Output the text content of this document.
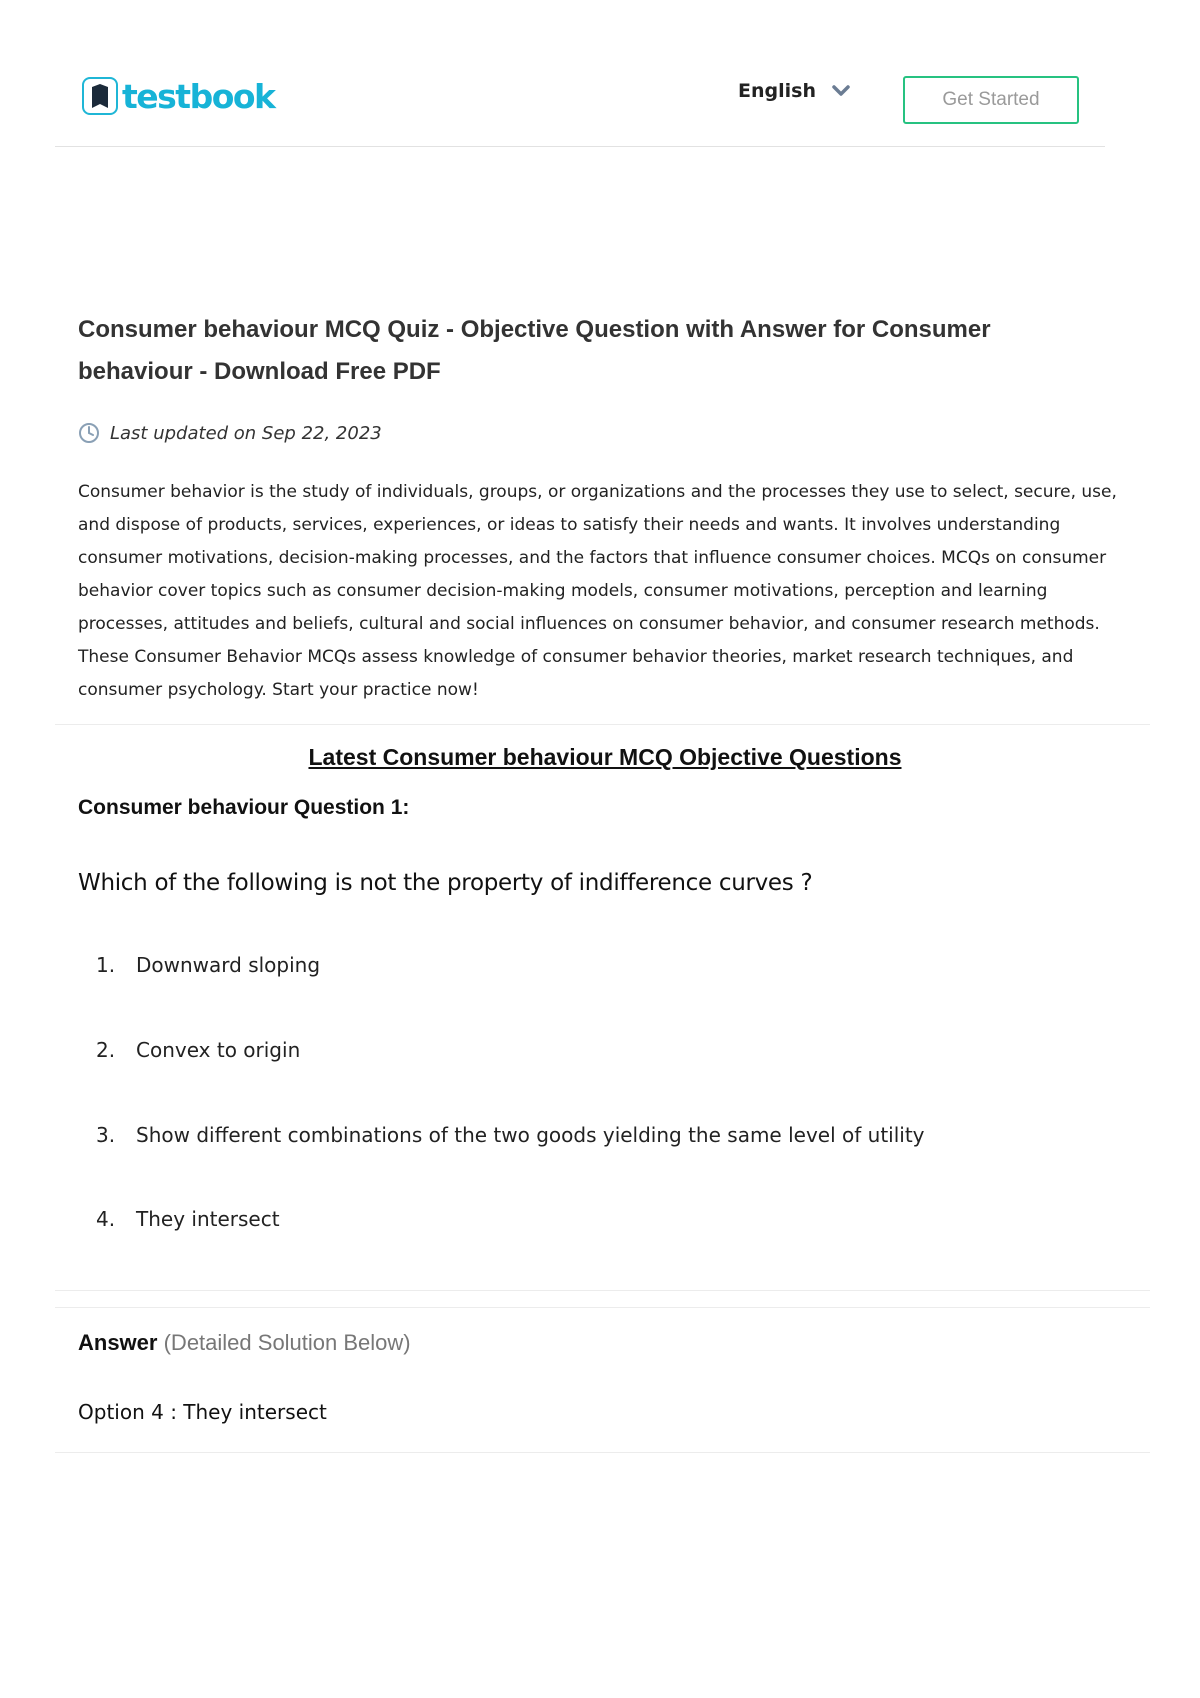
testbook	English	Get Started
Consumer behaviour MCQ Quiz - Objective Question with Answer for Consumer behaviour - Download Free PDF
Last updated on Sep 22, 2023

Consumer behavior is the study of individuals, groups, or organizations and the processes they use to select, secure, use, and dispose of products, services, experiences, or ideas to satisfy their needs and wants. It involves understanding consumer motivations, decision-making processes, and the factors that influence consumer choices. MCQs on consumer behavior cover topics such as consumer decision-making models, consumer motivations, perception and learning processes, attitudes and beliefs, cultural and social influences on consumer behavior, and consumer research methods. These Consumer Behavior MCQs assess knowledge of consumer behavior theories, market research techniques, and consumer psychology. Start your practice now!

Latest Consumer behaviour MCQ Objective Questions
Consumer behaviour Question 1:
Which of the following is not the property of indifference curves ?
1.	Downward sloping
2.	Convex to origin
3.	Show different combinations of the two goods yielding the same level of utility
4.	They intersect
Answer (Detailed Solution Below)
Option 4 : They intersect
